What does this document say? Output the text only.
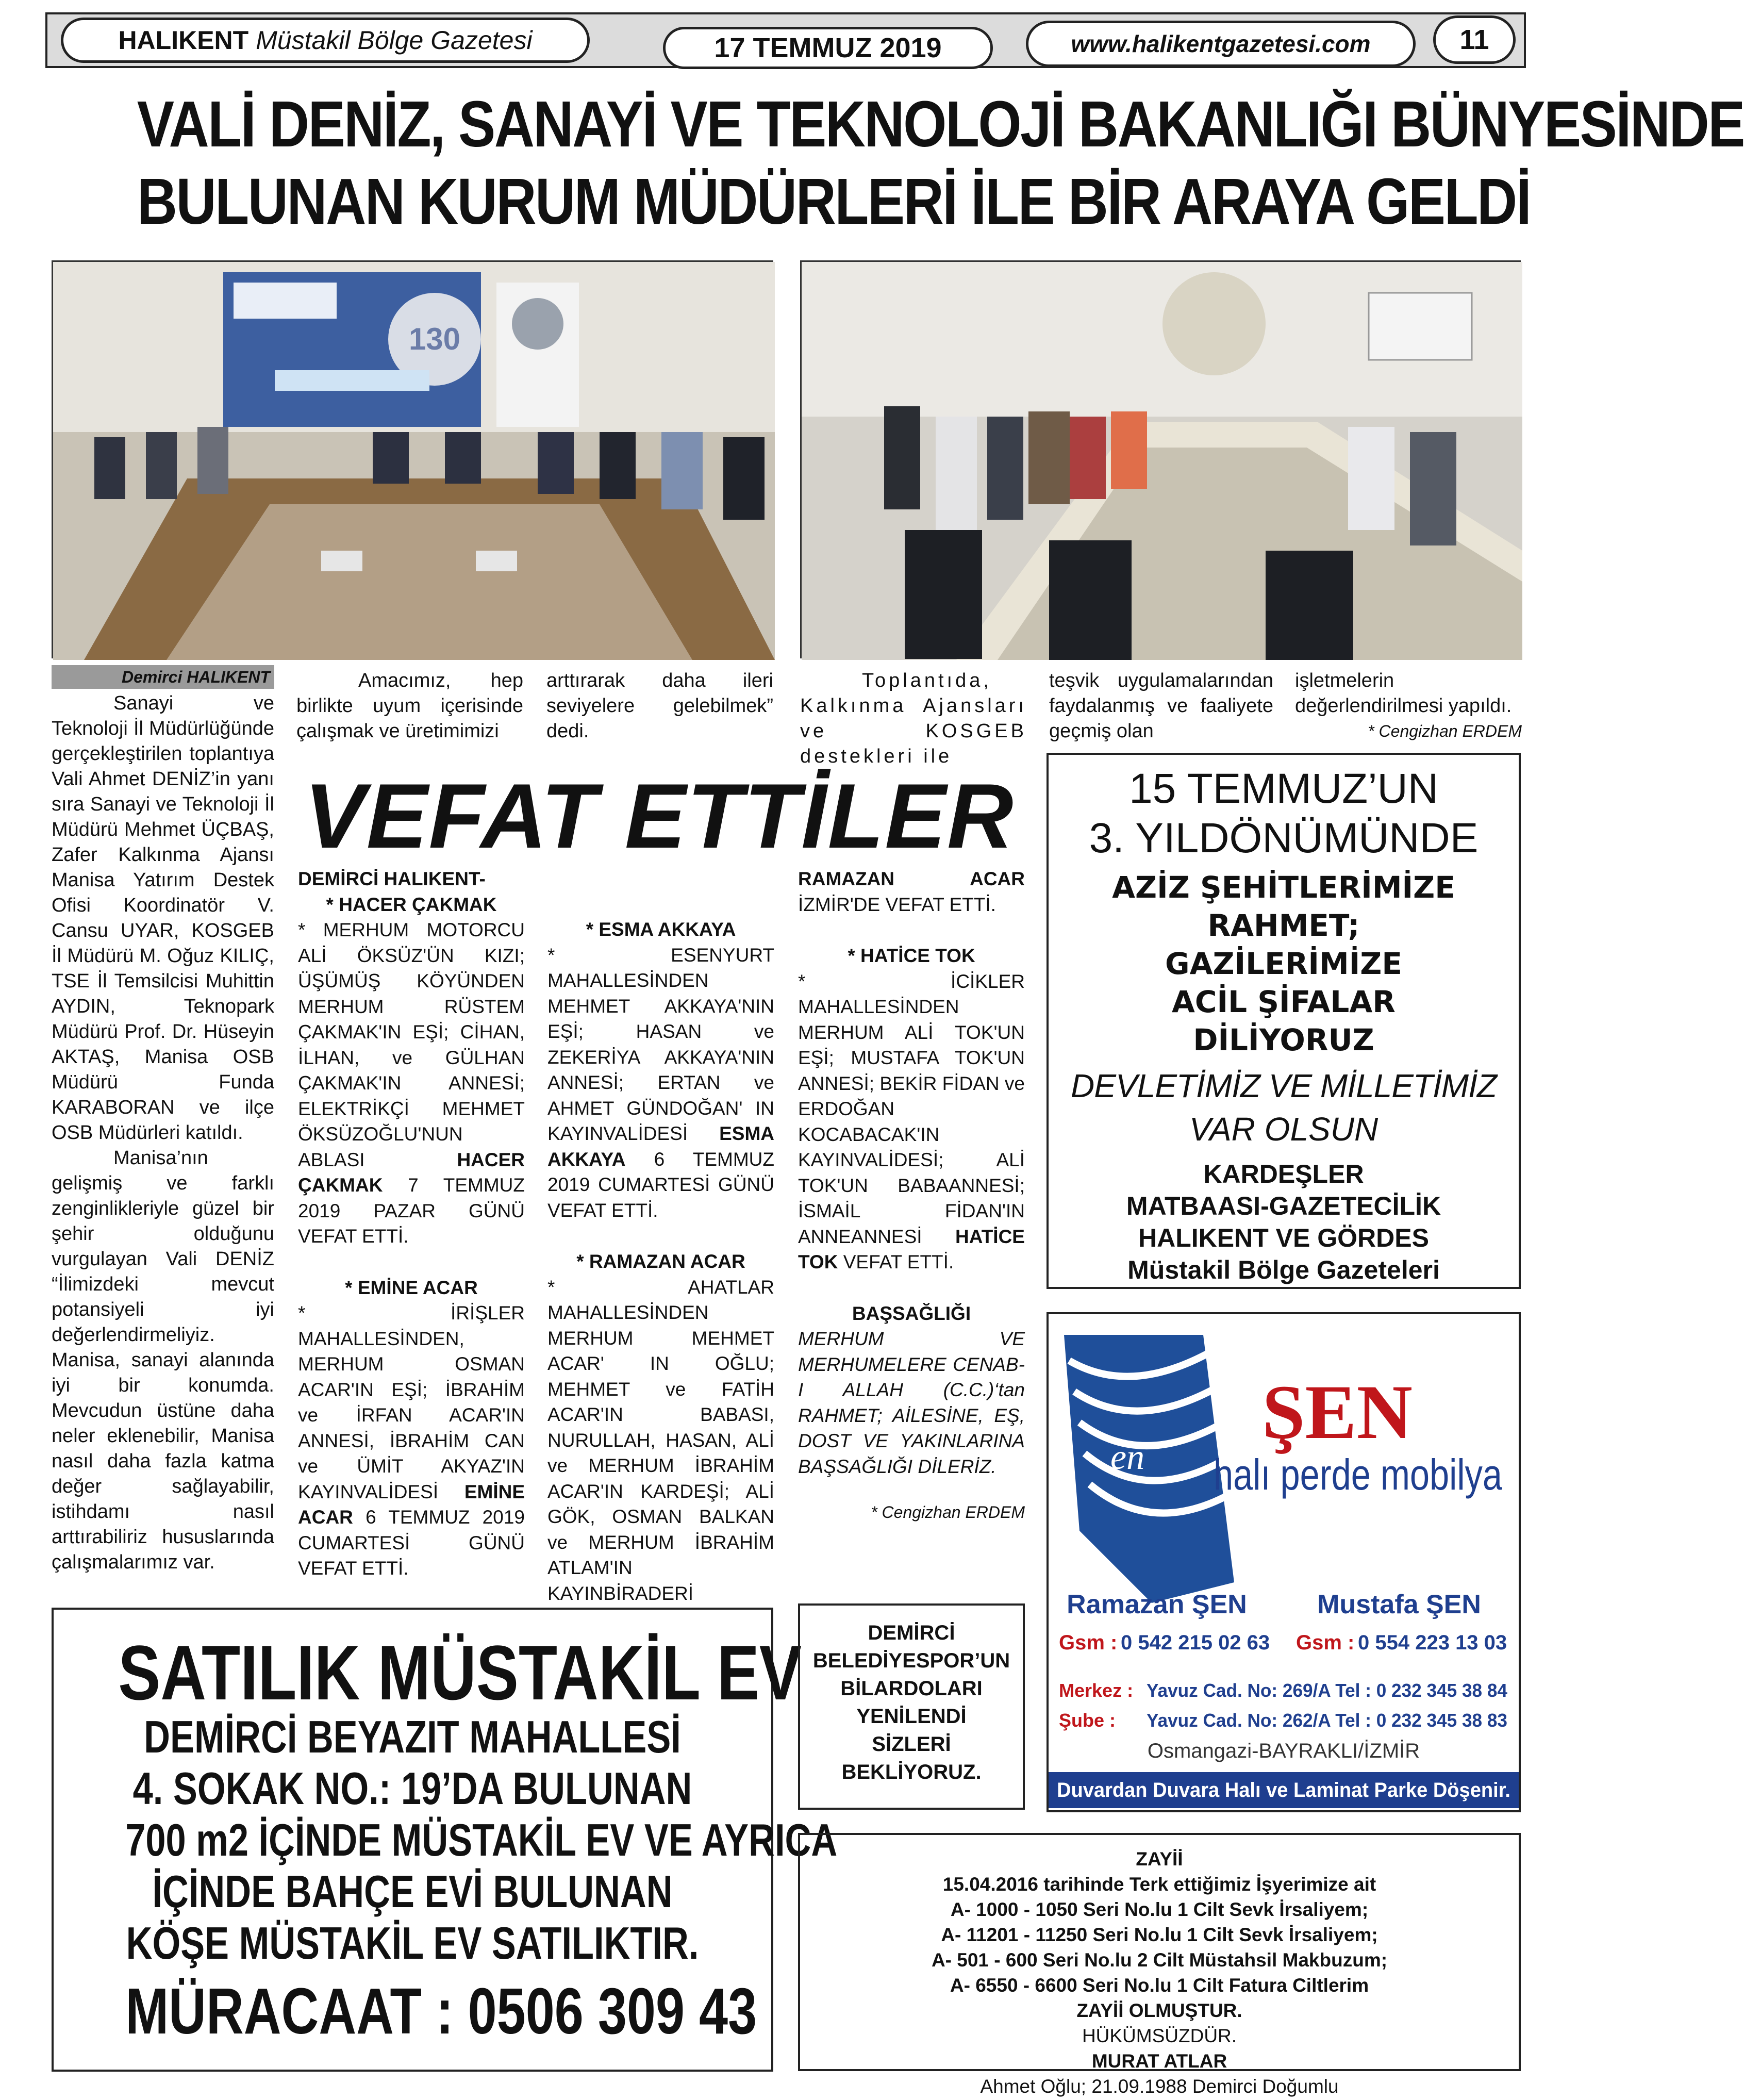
HALIKENT Müstakil Bölge Gazetesi	17 TEMMUZ 2019	www.halikentgazetesi.com	11
VALİ DENİZ, SANAYİ VE TEKNOLOJİ BAKANLIĞI BÜNYESİNDE
BULUNAN KURUM MÜDÜRLERİ İLE BİR ARAYA GELDİ
130
Demirci HALIKENT

Sanayi ve Teknoloji İl Müdürlüğünde gerçekleştirilen toplantıya Vali Ahmet DENİZ’in yanı sıra Sanayi ve Teknoloji İl Müdürü Mehmet ÜÇBAŞ, Zafer Kalkınma Ajansı Manisa Yatırım Destek Ofisi Koordinatör V. Cansu UYAR, KOSGEB İl Müdürü M. Oğuz KILIÇ, TSE İl Temsilcisi Muhittin AYDIN, Teknopark Müdürü Prof. Dr. Hüseyin AKTAŞ, Manisa OSB Müdürü Funda KARABORAN ve ilçe OSB Müdürleri katıldı.

Manisa’nın gelişmiş ve farklı zenginlikleriyle güzel bir şehir olduğunu vurgulayan Vali DENİZ “İlimizdeki mevcut potansiyeli iyi değerlendirmeliyiz. Manisa, sanayi alanında iyi bir konumda. Mevcudun üstüne daha neler eklenebilir, Manisa nasıl daha fazla katma değer sağlayabilir, istihdamı nasıl arttırabiliriz hususlarında çalışmalarımız var.

Amacımız, hep birlikte uyum içerisinde çalışmak ve üretimimizi

arttırarak daha ileri seviyelere gelebilmek” dedi.

Toplantıda, Kalkınma Ajansları ve KOSGEB destekleri ile

teşvik uygulamalarından faydalanmış ve faaliyete geçmiş olan

işletmelerin değerlendirilmesi yapıldı.

* Cengizhan ERDEM
VEFAT ETTİLER
DEMİRCİ HALIKENT-
* HACER ÇAKMAK
* MERHUM MOTORCU ALİ ÖKSÜZ'ÜN KIZI; ÜŞÜMÜŞ KÖYÜNDEN MERHUM RÜSTEM ÇAKMAK'IN EŞİ; CİHAN, İLHAN, ve GÜLHAN ÇAKMAK'IN ANNESİ; ELEKTRİKÇİ MEHMET ÖKSÜZOĞLU'NUN ABLASI	HACER ÇAKMAK 7 TEMMUZ 2019 PAZAR GÜNÜ VEFAT ETTİ.
* EMİNE ACAR
* İRİŞLER MAHALLESİNDEN, MERHUM OSMAN ACAR'IN EŞİ; İBRAHİM ve İRFAN ACAR'IN ANNESİ, İBRAHİM CAN ve ÜMİT AKYAZ'IN KAYINVALİDESİ EMİNE ACAR 6 TEMMUZ 2019 CUMARTESİ GÜNÜ VEFAT ETTİ.
* ESMA AKKAYA
* ESENYURT MAHALLESİNDEN MEHMET AKKAYA'NIN EŞİ; HASAN ve ZEKERİYA AKKAYA'NIN ANNESİ; ERTAN ve AHMET GÜNDOĞAN' IN KAYINVALİDESİ ESMA AKKAYA 6 TEMMUZ 2019 CUMARTESİ GÜNÜ VEFAT ETTİ.
* RAMAZAN ACAR
* AHATLAR MAHALLESİNDEN MERHUM MEHMET ACAR' IN OĞLU; MEHMET ve FATİH ACAR'IN BABASI, NURULLAH, HASAN, ALİ ve MERHUM İBRAHİM ACAR'IN KARDEŞİ; ALİ GÖK, OSMAN BALKAN ve MERHUM İBRAHİM ATLAM'IN KAYINBİRADERİ
RAMAZAN ACAR İZMİR'DE VEFAT ETTİ.
* HATİCE TOK
* İCİKLER MAHALLESİNDEN MERHUM ALİ TOK'UN EŞİ; MUSTAFA TOK'UN ANNESİ; BEKİR FİDAN ve ERDOĞAN KOCABACAK'IN KAYINVALİDESİ; ALİ TOK'UN BABAANNESİ; İSMAİL FİDAN'IN ANNEANNESİ HATİCE TOK VEFAT ETTİ.
BAŞSAĞLIĞI
MERHUM VE MERHUMELERE CENAB-I ALLAH (C.C.)‘tan RAHMET; AİLESİNE, EŞ, DOST VE YAKINLARINA BAŞSAĞLIĞI DİLERİZ.
* Cengizhan ERDEM
15 TEMMUZ’UN
3. YILDÖNÜMÜNDE
AZİZ ŞEHİTLERİMİZE
RAHMET;
GAZİLERİMİZE
ACİL ŞİFALAR
DİLİYORUZ
DEVLETİMİZ VE MİLLETİMİZ
VAR OLSUN
KARDEŞLER
MATBAASI-GAZETECİLİK
HALIKENT VE GÖRDES
Müstakil Bölge Gazeteleri
en
ŞEN
halı perde mobilya
Ramazan ŞEN	Mustafa ŞEN
Gsm : 0 542 215 02 63 Gsm : 0 554 223 13 03
Merkez : Yavuz Cad. No: 269/A Tel : 0 232 345 38 84
Şube : Yavuz Cad. No: 262/A Tel : 0 232 345 38 83
Osmangazi-BAYRAKLI/İZMİR
Duvardan Duvara Halı ve Laminat Parke Döşenir.
SATILIK MÜSTAKİL EV
DEMİRCİ BEYAZIT MAHALLESİ
4. SOKAK NO.: 19’DA BULUNAN
700 m2 İÇİNDE MÜSTAKİL EV VE AYRICA
İÇİNDE BAHÇE EVİ BULUNAN
KÖŞE MÜSTAKİL EV SATILIKTIR.
MÜRACAAT : 0506 309 43
DEMİRCİ
BELEDİYESPOR’UN
BİLARDOLARI
YENİLENDİ
SİZLERİ
BEKLİYORUZ.
ZAYİİ
15.04.2016 tarihinde Terk ettiğimiz İşyerimize ait
A- 1000 - 1050 Seri No.lu 1 Cilt Sevk İrsaliyem;
A- 11201 - 11250 Seri No.lu 1 Cilt Sevk İrsaliyem;
A- 501 - 600 Seri No.lu 2 Cilt Müstahsil Makbuzum;
A- 6550 - 6600 Seri No.lu 1 Cilt Fatura Ciltlerim
ZAYİİ OLMUŞTUR.
HÜKÜMSÜZDÜR.
MURAT ATLAR
Ahmet Oğlu; 21.09.1988 Demirci Doğumlu
